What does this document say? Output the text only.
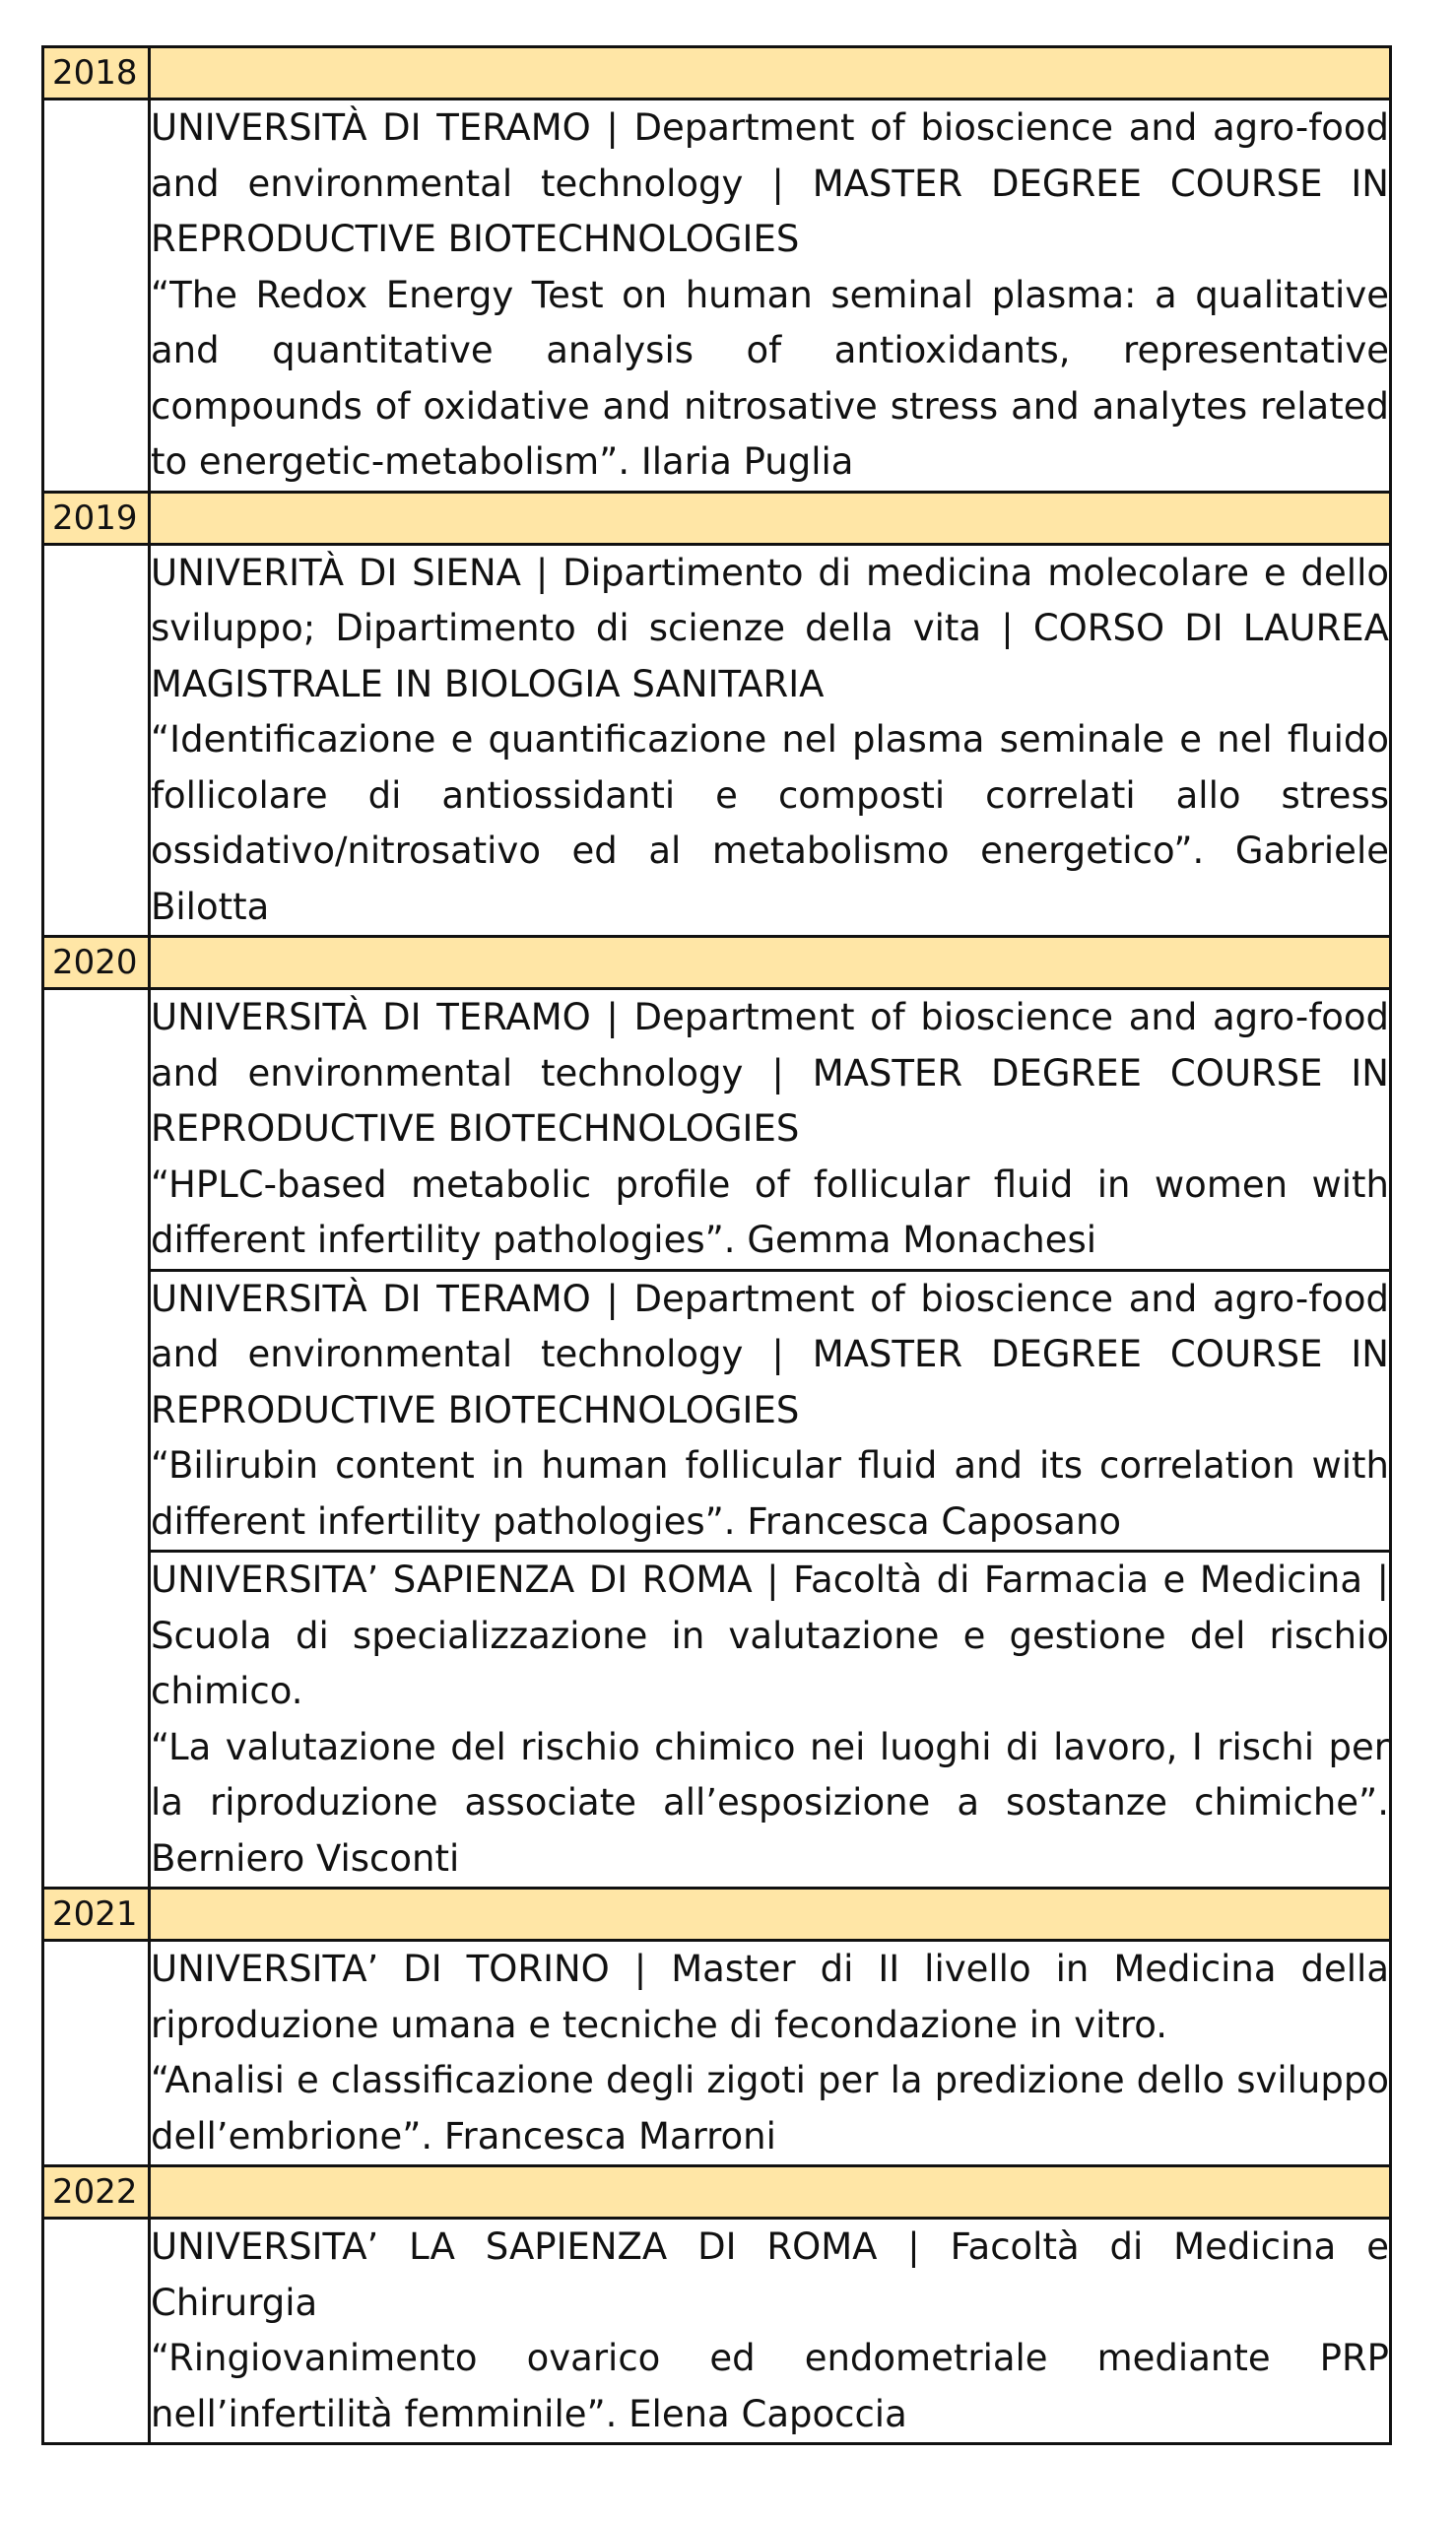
2018	

	UNIVERSITÀ DI TERAMO | Department of bioscience and agro-food and environmental technology | MASTER DEGREE COURSE IN REPRODUCTIVE BIOTECHNOLOGIES

“The Redox Energy Test on human seminal plasma: a qualitative and quantitative analysis of antioxidants, representative compounds of oxidative and nitrosative stress and analytes related to energetic-metabolism”. Ilaria Puglia

2019	

	UNIVERITÀ DI SIENA | Dipartimento di medicina molecolare e dello sviluppo; Dipartimento di scienze della vita | CORSO DI LAUREA MAGISTRALE IN BIOLOGIA SANITARIA

“Identificazione e quantificazione nel plasma seminale e nel fluido follicolare di antiossidanti e composti correlati allo stress ossidativo/nitrosativo ed al metabolismo energetico”. Gabriele Bilotta

2020	

	UNIVERSITÀ DI TERAMO | Department of bioscience and agro-food and environmental technology | MASTER DEGREE COURSE IN REPRODUCTIVE BIOTECHNOLOGIES

“HPLC-based metabolic profile of follicular fluid in women with different infertility pathologies”. Gemma Monachesi

	UNIVERSITÀ DI TERAMO | Department of bioscience and agro-food and environmental technology | MASTER DEGREE COURSE IN REPRODUCTIVE BIOTECHNOLOGIES

“Bilirubin content in human follicular fluid and its correlation with different infertility pathologies”. Francesca Caposano

	UNIVERSITA’ SAPIENZA DI ROMA | Facoltà di Farmacia e Medicina | Scuola di specializzazione in valutazione e gestione del rischio chimico.

“La valutazione del rischio chimico nei luoghi di lavoro, I rischi per la riproduzione associate all’esposizione a sostanze chimiche”. Berniero Visconti

2021	

	UNIVERSITA’ DI TORINO | Master di II livello in Medicina della riproduzione umana e tecniche di fecondazione in vitro.

“Analisi e classificazione degli zigoti per la predizione dello sviluppo dell’embrione”. Francesca Marroni

2022	

	UNIVERSITA’ LA SAPIENZA DI ROMA | Facoltà di Medicina e Chirurgia

“Ringiovanimento ovarico ed endometriale mediante PRP nell’infertilità femminile”. Elena Capoccia
